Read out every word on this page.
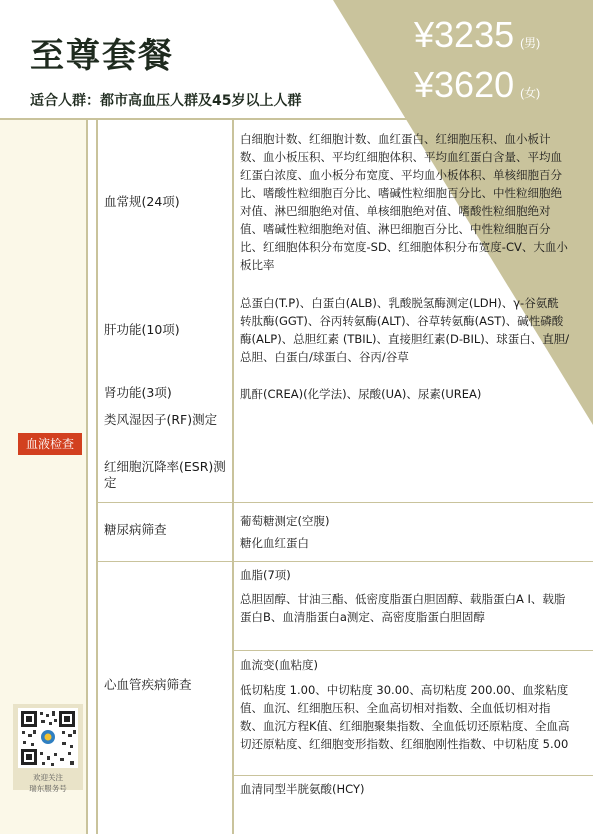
至尊套餐
适合人群：都市高血压人群及45岁以上人群
¥3235 (男)
¥3620 (女)
血液检查
血常规(24项)
肝功能(10项)
肾功能(3项)
类风湿因子(RF)测定
红细胞沉降率(ESR)测定
糖尿病筛查
心血管疾病筛查
白细胞计数、红细胞计数、血红蛋白、红细胞压积、血小板计数、血小板压积、平均红细胞体积、平均血红蛋白含量、平均血红蛋白浓度、血小板分布宽度、平均血小板体积、单核细胞百分比、嗜酸性粒细胞百分比、嗜碱性粒细胞百分比、中性粒细胞绝对值、淋巴细胞绝对值、单核细胞绝对值、嗜酸性粒细胞绝对值、嗜碱性粒细胞绝对值、淋巴细胞百分比、中性粒细胞百分比、红细胞体积分布宽度-SD、红细胞体积分布宽度-CV、大血小板比率
总蛋白(T.P)、白蛋白(ALB)、乳酸脱氢酶测定(LDH)、γ-谷氨酰转肽酶(GGT)、谷丙转氨酶(ALT)、谷草转氨酶(AST)、碱性磷酸酶(ALP)、总胆红素 (TBIL)、直接胆红素(D-BIL)、球蛋白、直胆/总胆、白蛋白/球蛋白、谷丙/谷草
肌酐(CREA)(化学法)、尿酸(UA)、尿素(UREA)
葡萄糖测定(空腹)
糖化血红蛋白
血脂(7项)
总胆固醇、甘油三酯、低密度脂蛋白胆固醇、载脂蛋白A I、载脂蛋白B、血清脂蛋白a测定、高密度脂蛋白胆固醇
血流变(血粘度)
低切粘度 1.00、中切粘度 30.00、高切粘度 200.00、血浆粘度值、血沉、红细胞压积、全血高切相对指数、全血低切相对指数、血沉方程K值、红细胞聚集指数、全血低切还原粘度、全血高切还原粘度、红细胞变形指数、红细胞刚性指数、中切粘度 5.00
血清同型半胱氨酸(HCY)
欢迎关注
瑞东服务号
